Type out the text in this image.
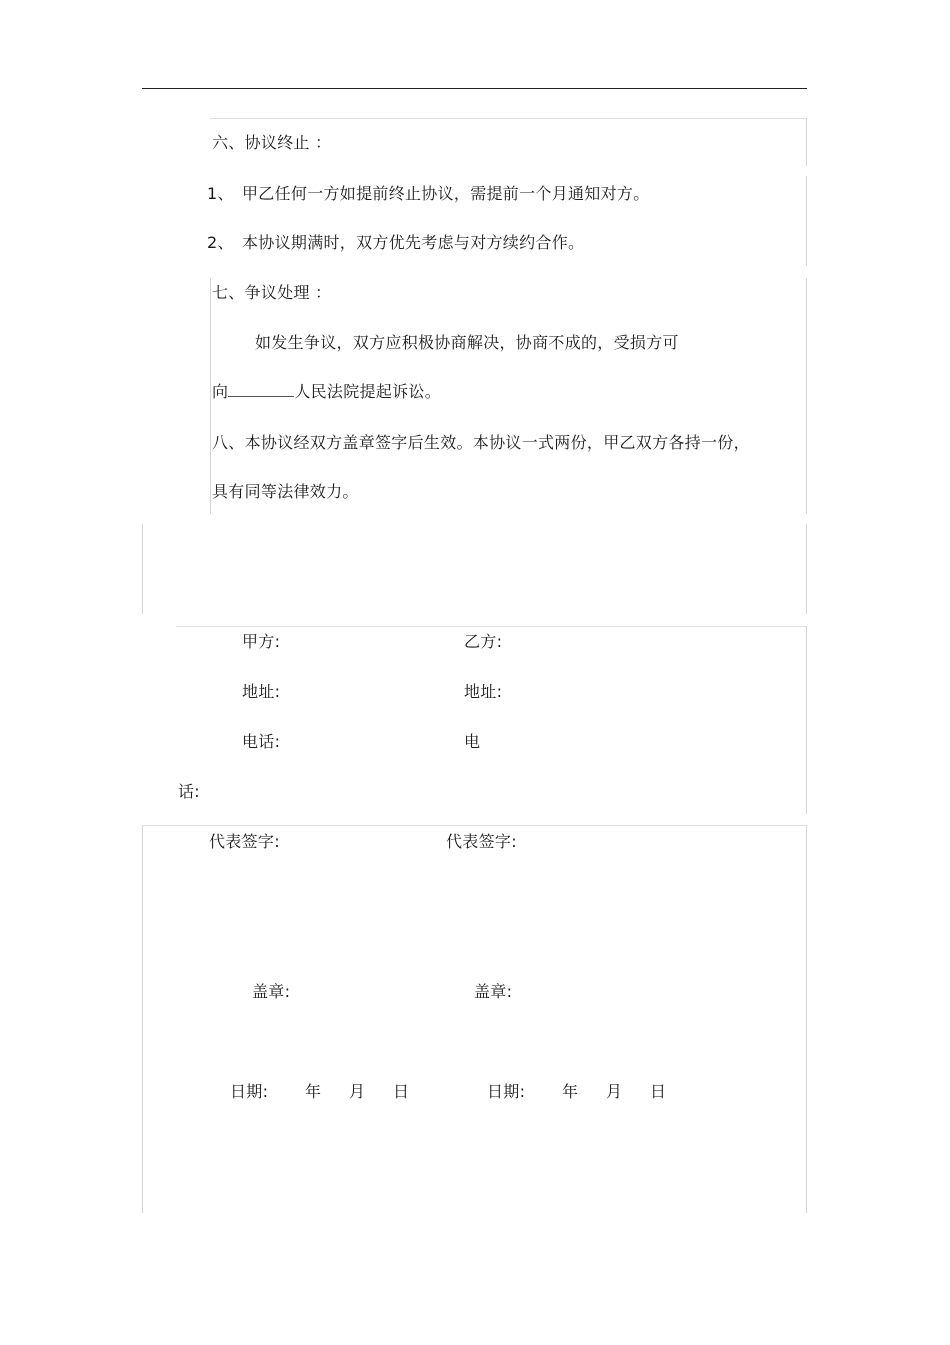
六、协议终止 ：
1、 甲乙任何一方如提前终止协议，需提前一个月通知对方。
2、 本协议期满时，双方优先考虑与对方续约合作。
七、争议处理 ：
如发生争议，双方应积极协商解决，协商不成的，受损方可
向	人民法院提起诉讼。
八、本协议经双方盖章签字后生效。本协议一式两份，甲乙双方各持一份，
具有同等法律效力。
甲方:	乙方:
地址:	地址:
电话:	电
话:
代表签字:	代表签字:
盖章:	盖章:
日期: 年 月 日	日期: 年 月 日
